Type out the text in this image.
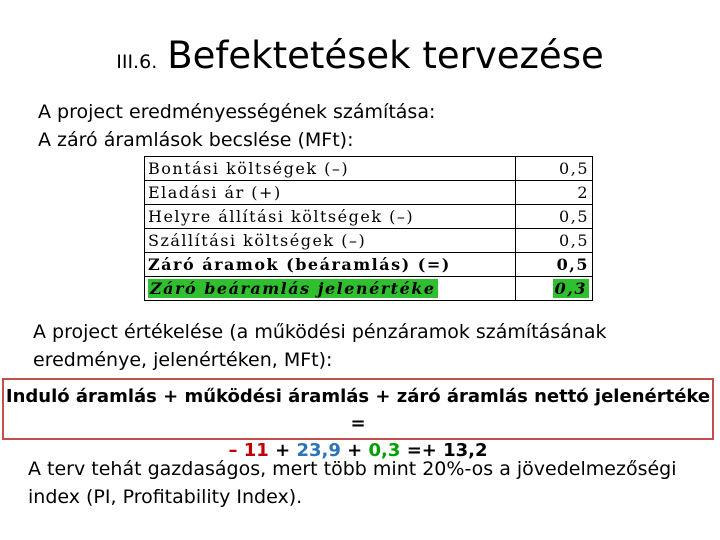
III.6. Befektetések tervezése
A project eredményességének számítása:
A záró áramlások becslése (MFt):
Bontási költségek (–)	0,5
Eladási ár (+)	2
Helyre állítási költségek (–)	0,5
Szállítási költségek (–)	0,5
Záró áramok (beáramlás) (=)	0,5
Záró beáramlás jelenértéke	0,3
A project értékelése (a működési pénzáramok számításának
eredménye, jelenértéken, MFt):
Induló áramlás + működési áramlás + záró áramlás nettó jelenértéke =
– 11 + 23,9 + 0,3 =+ 13,2
A terv tehát gazdaságos, mert több mint 20%-os a jövedelmezőségi
index (PI, Profitability Index).
